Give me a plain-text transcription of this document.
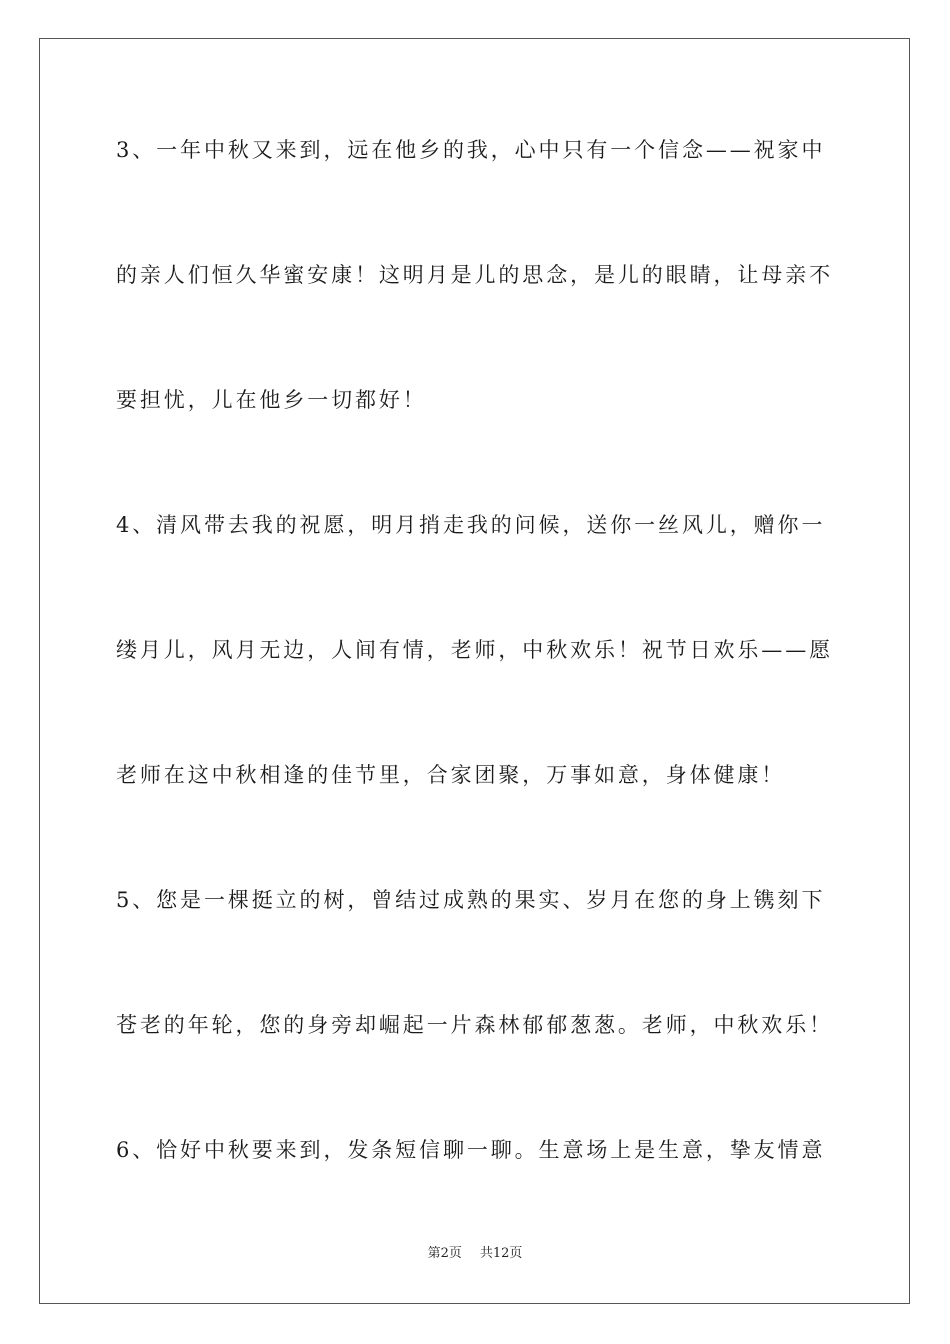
3、一年中秋又来到，远在他乡的我，心中只有一个信念——祝家中
的亲人们恒久华蜜安康！这明月是儿的思念，是儿的眼睛，让母亲不
要担忧，儿在他乡一切都好！
4、清风带去我的祝愿，明月捎走我的问候，送你一丝风儿，赠你一
缕月儿，风月无边，人间有情，老师，中秋欢乐！祝节日欢乐——愿
老师在这中秋相逢的佳节里，合家团聚，万事如意，身体健康！
5、您是一棵挺立的树，曾结过成熟的果实、岁月在您的身上镌刻下
苍老的年轮，您的身旁却崛起一片森林郁郁葱葱。老师，中秋欢乐！
6、恰好中秋要来到，发条短信聊一聊。生意场上是生意，挚友情意
第2页 共12页
